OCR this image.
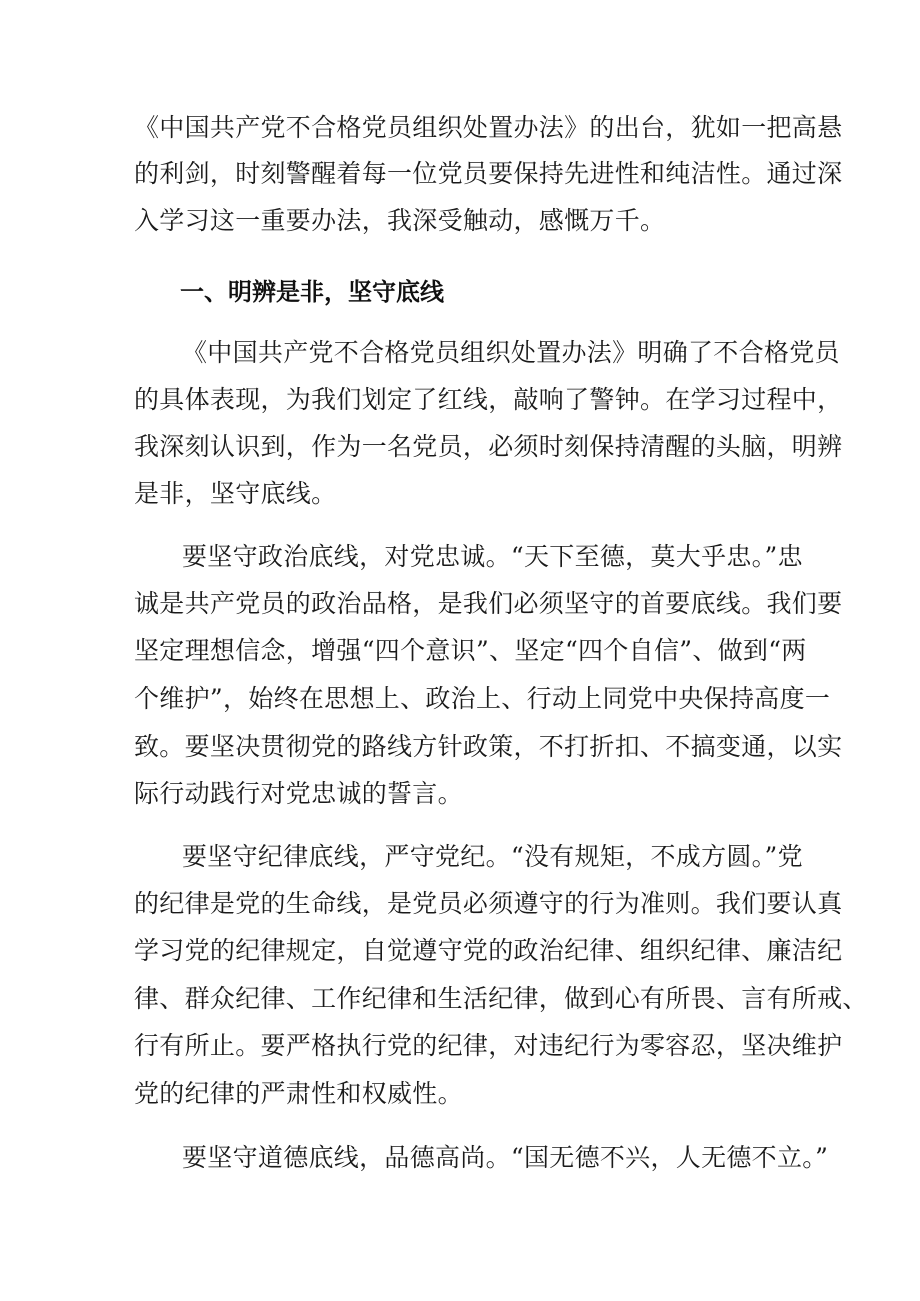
《中国共产党不合格党员组织处置办法》的出台，犹如一把高悬

的利剑，时刻警醒着每一位党员要保持先进性和纯洁性。通过深

入学习这一重要办法，我深受触动，感慨万千。

一、明辨是非，坚守底线

《中国共产党不合格党员组织处置办法》明确了不合格党员

的具体表现，为我们划定了红线，敲响了警钟。在学习过程中，

我深刻认识到，作为一名党员，必须时刻保持清醒的头脑，明辨

是非，坚守底线。

要坚守政治底线，对党忠诚。“天下至德，莫大乎忠。”忠

诚是共产党员的政治品格，是我们必须坚守的首要底线。我们要

坚定理想信念，增强“四个意识”、坚定“四个自信”、做到“两

个维护”，始终在思想上、政治上、行动上同党中央保持高度一

致。要坚决贯彻党的路线方针政策，不打折扣、不搞变通，以实

际行动践行对党忠诚的誓言。

要坚守纪律底线，严守党纪。“没有规矩，不成方圆。”党

的纪律是党的生命线，是党员必须遵守的行为准则。我们要认真

学习党的纪律规定，自觉遵守党的政治纪律、组织纪律、廉洁纪

律、群众纪律、工作纪律和生活纪律，做到心有所畏、言有所戒、

行有所止。要严格执行党的纪律，对违纪行为零容忍，坚决维护

党的纪律的严肃性和权威性。

要坚守道德底线，品德高尚。“国无德不兴，人无德不立。”
